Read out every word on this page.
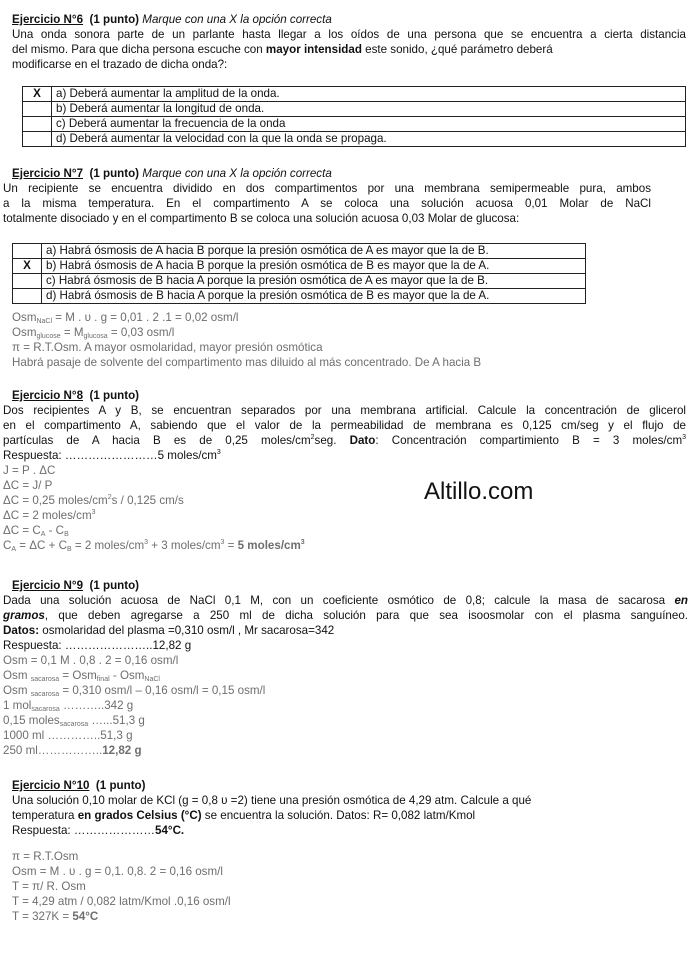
Altillo.com
Ejercicio N°6 (1 punto) Marque con una X la opción correcta
Una onda sonora parte de un parlante hasta llegar a los oídos de una persona que se encuentra a cierta distancia
del mismo. Para que dicha persona escuche con mayor intensidad este sonido, ¿qué parámetro deberá
modificarse en el trazado de dicha onda?:
X	a) Deberá aumentar la amplitud de la onda.
	b) Deberá aumentar la longitud de onda.
	c) Deberá aumentar la frecuencia de la onda
	d) Deberá aumentar la velocidad con la que la onda se propaga.
Ejercicio N°7 (1 punto) Marque con una X la opción correcta
Un recipiente se encuentra dividido en dos compartimentos por una membrana semipermeable pura, ambos
a la misma temperatura. En el compartimento A se coloca una solución acuosa 0,01 Molar de NaCl
totalmente disociado y en el compartimento B se coloca una solución acuosa 0,03 Molar de glucosa:
	a) Habrá ósmosis de A hacia B porque la presión osmótica de A es mayor que la de B.
X	b) Habrá ósmosis de A hacia B porque la presión osmótica de B es mayor que la de A.
	c) Habrá ósmosis de B hacia A porque la presión osmótica de A es mayor que la de B.
	d) Habrá ósmosis de B hacia A porque la presión osmótica de B es mayor que la de A.
Osm$_{NaCl}$ = M . υ . g = 0,01 . 2 .1 = 0,02 osm/l
$Osm_{glucose} = M_{glucosa} = 0,03$ osm/l
π = R.T.Osm. A mayor osmolaridad, mayor presión osmótica
Habrá pasaje de solvente del compartimento mas diluido al más concentrado. De A hacia B
Ejercicio N°8 (1 punto)
Dos recipientes A y B, se encuentran separados por una membrana artificial. Calcule la concentración de glicerol
en el compartimento A, sabiendo que el valor de la permeabilidad de membrana es 0,125 cm/seg y el flujo de
partículas de A hacia B es de 0,25 moles/$cm^2seg$. Dato: Concentración compartimiento B = 3 moles/$cm^3$
Respuesta: ……………………5 moles/$cm^3$
J = P . ΔC
ΔC = J/ P
ΔC = 0,25 moles/$cm^2s / 0,125$ cm/s
ΔC = 2 moles/$cm^3$
$\Delta C = C_A - C_B$
$C_A = \Delta C + C_B = 2$ moles/$cm^3 + 3$ moles/$cm^3 = 5$ moles/$cm^3$
Ejercicio N°9 (1 punto)
Dada una solución acuosa de NaCl 0,1 M, con un coeficiente osmótico de 0,8; calcule la masa de sacarosa en
gramos, que deben agregarse a 250 ml de dicha solución para que sea isoosmolar con el plasma sanguíneo.
Datos: osmolaridad del plasma =0,310 osm/l , Mr sacarosa=342
Respuesta: …………………..12,82 g
Osm = 0,1 M . 0,8 . 2 = 0,16 osm/l
Osm $_{sacarosa}$ = Osm$_{final}$ - Osm$_{NaCl}$
Osm $_{sacarosa}$ = 0,310 osm/l – 0,16 osm/l = 0,15 osm/l
1 mol$_{sacarosa}$ ………..342 g
0,15 moles$_{sacarosa}$ …...51,3 g
1000 ml …………..51,3 g
250 ml……………..12,82 g
Ejercicio N°10 (1 punto)
Una solución 0,10 molar de KCl (g = 0,8 υ =2) tiene una presión osmótica de 4,29 atm. Calcule a qué
temperatura en grados Celsius (°C) se encuentra la solución. Datos: R= 0,082 latm/Kmol
Respuesta: …………………54°C.
π = R.T.Osm
Osm = M . υ . g = 0,1. 0,8. 2 = 0,16 osm/l
T = π/ R. Osm
T = 4,29 atm / 0,082 latm/Kmol .0,16 osm/l
T = 327K = 54°C
